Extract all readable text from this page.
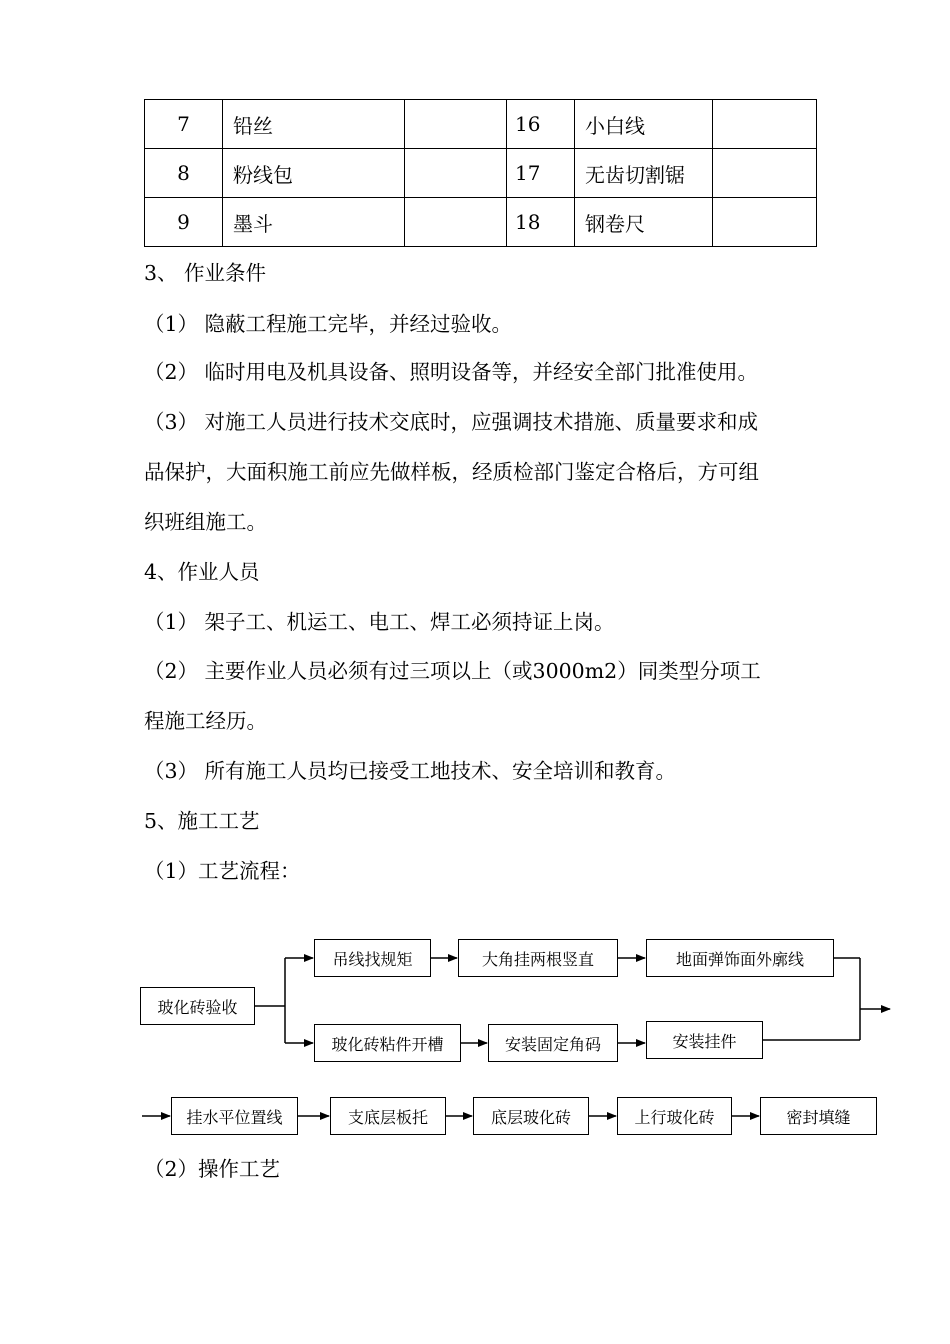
7	铅丝		16	小白线	
8	粉线包		17	无齿切割锯	
9	墨斗		18	钢卷尺	
3、 作业条件
（1） 隐蔽工程施工完毕，并经过验收。
（2） 临时用电及机具设备、照明设备等，并经安全部门批准使用。
（3） 对施工人员进行技术交底时，应强调技术措施、质量要求和成
品保护，大面积施工前应先做样板，经质检部门鉴定合格后，方可组
织班组施工。
4、作业人员
（1） 架子工、机运工、电工、焊工必须持证上岗。
（2） 主要作业人员必须有过三项以上（或3000m2）同类型分项工
程施工经历。
（3） 所有施工人员均已接受工地技术、安全培训和教育。
5、施工工艺
（1）工艺流程：
（2）操作工艺
玻化砖验收
吊线找规矩	大角挂两根竖直	地面弹饰面外廓线
玻化砖粘件开槽	安装固定角码	安装挂件
挂水平位置线	支底层板托	底层玻化砖	上行玻化砖	密封填缝
